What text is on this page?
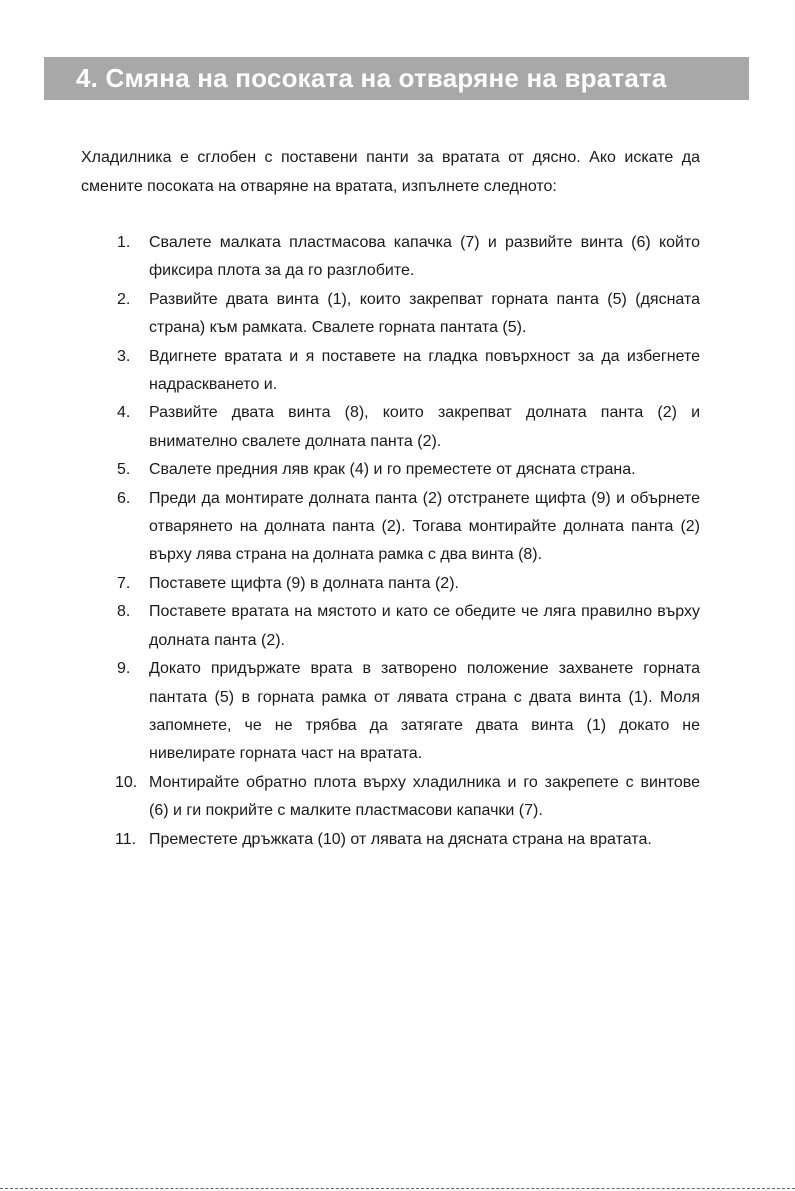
4. Смяна на посоката на отваряне на вратата

Хладилника е сглобен с поставени панти за вратата от дясно. Ако искате да смените посоката на отваряне на вратата, изпълнете следното:

1. Свалете малката пластмасова капачка (7) и развийте винта (6) който фиксира плота за да го разглобите.
2. Развийте двата винта (1), които закрепват горната панта (5) (дясната страна) към рамката. Свалете горната пантата (5).
3. Вдигнете вратата и я поставете на гладка повърхност за да избегнете надраскването и.
4. Развийте двата винта (8), които закрепват долната панта (2) и внимателно свалете долната панта (2).
5. Свалете предния ляв крак (4) и го преместете от дясната страна.
6. Преди да монтирате долната панта (2) отстранете щифта (9) и обърнете отварянето на долната панта (2). Тогава монтирайте долната панта (2) върху лява страна на долната рамка с два винта (8).
7. Поставете щифта (9) в долната панта (2).
8. Поставете вратата на мястото и като се обедите че ляга правилно върху долната панта (2).
9. Докато придържате врата в затворено положение захванете горната пантата (5) в горната рамка от лявата страна с двата винта (1). Моля запомнете, че не трябва да затягате двата винта (1) докато не нивелирате горната част на вратата.
10. Монтирайте обратно плота върху хладилника и го закрепете с винтове (6) и ги покрийте с малките пластмасови капачки (7).
11. Преместете дръжката (10) от лявата на дясната страна на вратата.
